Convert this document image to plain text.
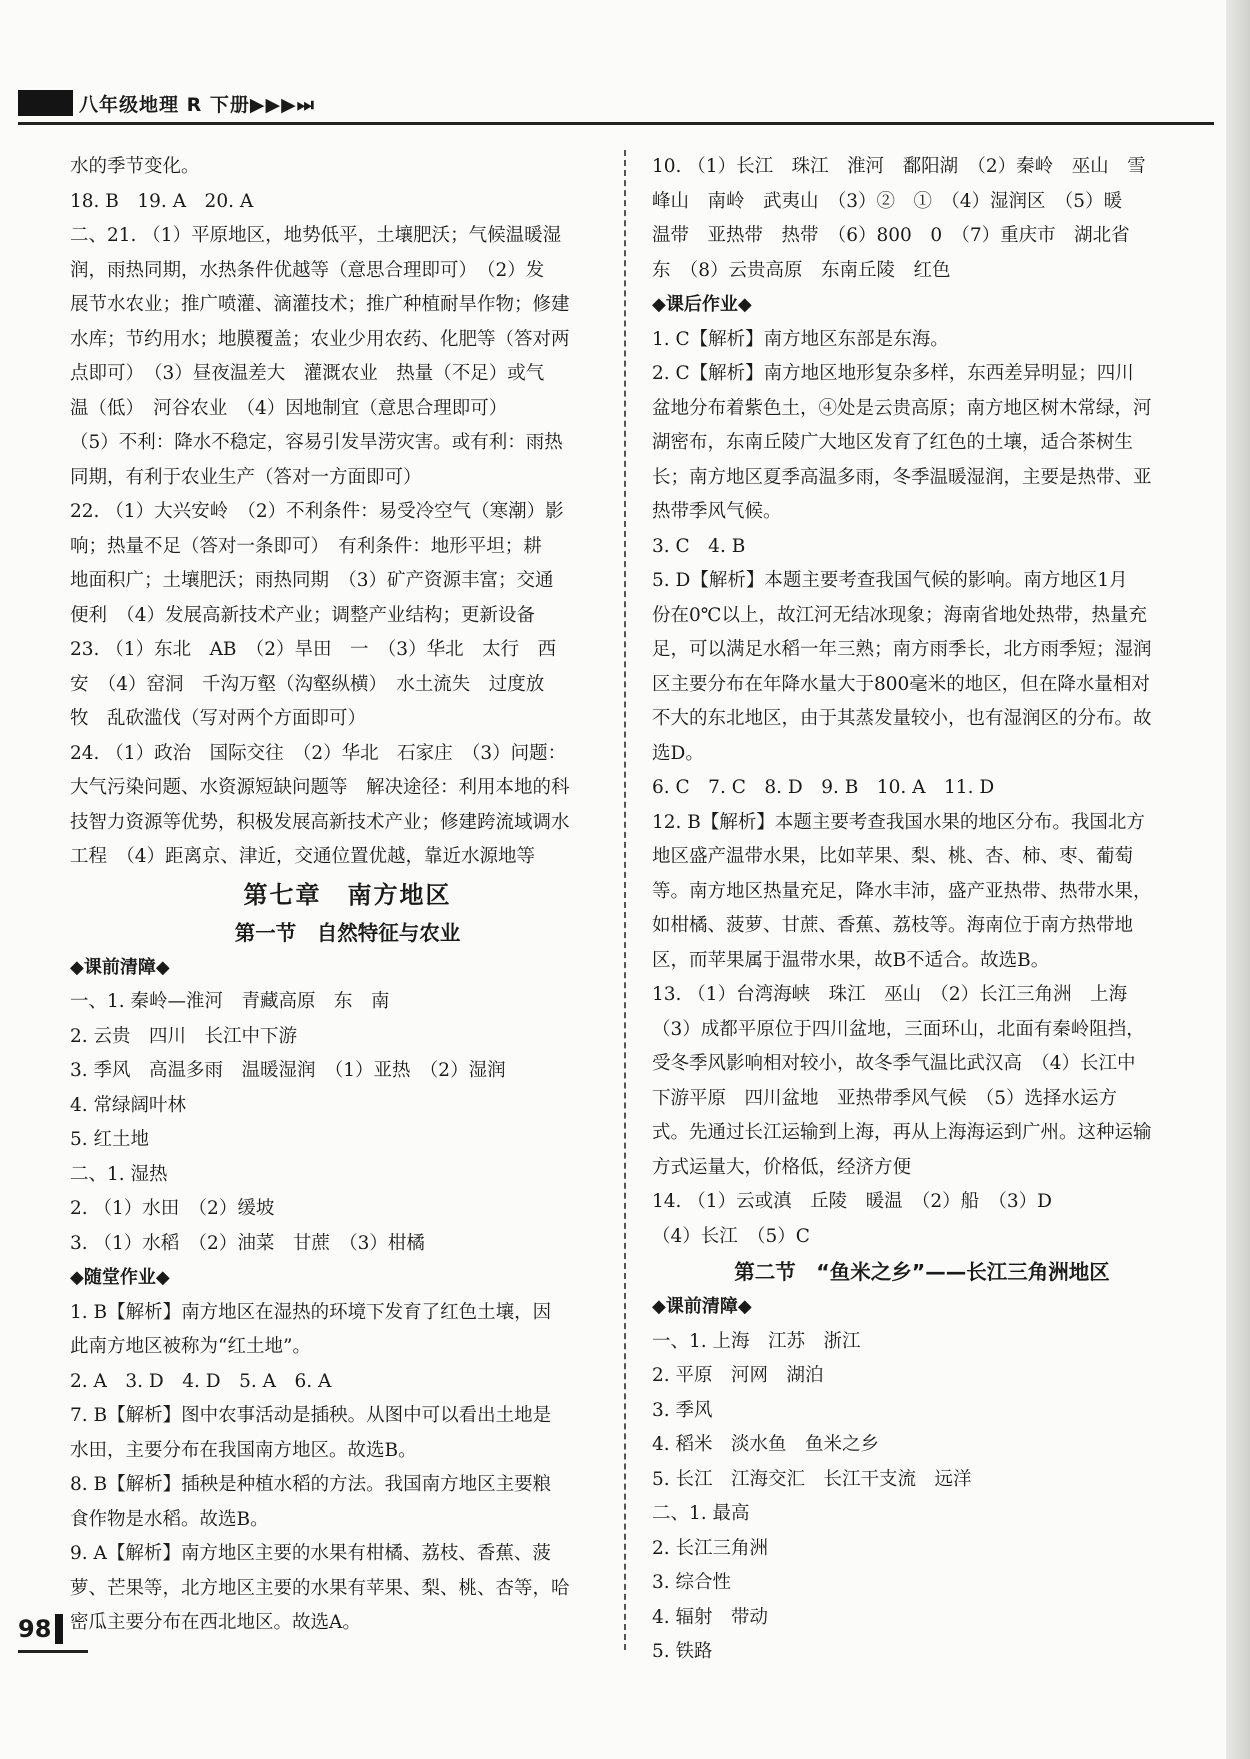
八年级地理 R 下册▶▶▶⏭
水的季节变化。
18. B　19. A　20. A
二、21. （1）平原地区，地势低平，土壤肥沃；气候温暖湿
润，雨热同期，水热条件优越等（意思合理即可）　（2）发
展节水农业；推广喷灌、滴灌技术；推广种植耐旱作物；修建
水库；节约用水；地膜覆盖；农业少用农药、化肥等（答对两
点即可）　（3）昼夜温差大　灌溉农业　热量（不足）或气
温（低）　河谷农业　（4）因地制宜（意思合理即可）
（5）不利：降水不稳定，容易引发旱涝灾害。或有利：雨热
同期，有利于农业生产（答对一方面即可）
22. （1）大兴安岭　（2）不利条件：易受冷空气（寒潮）影
响；热量不足（答对一条即可）　有利条件：地形平坦；耕
地面积广；土壤肥沃；雨热同期　（3）矿产资源丰富；交通
便利　（4）发展高新技术产业；调整产业结构；更新设备
23. （1）东北　AB　（2）旱田　一　（3）华北　太行　西
安　（4）窑洞　千沟万壑（沟壑纵横）　水土流失　过度放
牧　乱砍滥伐（写对两个方面即可）
24. （1）政治　国际交往　（2）华北　石家庄　（3）问题：
大气污染问题、水资源短缺问题等　解决途径：利用本地的科
技智力资源等优势，积极发展高新技术产业；修建跨流域调水
工程　（4）距离京、津近，交通位置优越，靠近水源地等
第七章　南方地区
第一节　自然特征与农业
◆课前清障◆
一、1. 秦岭—淮河　青藏高原　东　南
2. 云贵　四川　长江中下游
3. 季风　高温多雨　温暖湿润　（1）亚热　（2）湿润
4. 常绿阔叶林
5. 红土地
二、1. 湿热
2. （1）水田　（2）缓坡
3. （1）水稻　（2）油菜　甘蔗　（3）柑橘
◆随堂作业◆
1. B【解析】南方地区在湿热的环境下发育了红色土壤，因
此南方地区被称为“红土地”。
2. A　3. D　4. D　5. A　6. A
7. B【解析】图中农事活动是插秧。从图中可以看出土地是
水田，主要分布在我国南方地区。故选B。
8. B【解析】插秧是种植水稻的方法。我国南方地区主要粮
食作物是水稻。故选B。
9. A【解析】南方地区主要的水果有柑橘、荔枝、香蕉、菠
萝、芒果等，北方地区主要的水果有苹果、梨、桃、杏等，哈
密瓜主要分布在西北地区。故选A。
10. （1）长江　珠江　淮河　鄱阳湖　（2）秦岭　巫山　雪
峰山　南岭　武夷山　（3）②　①　（4）湿润区　（5）暖
温带　亚热带　热带　（6）800　0　（7）重庆市　湖北省
东　（8）云贵高原　东南丘陵　红色
◆课后作业◆
1. C【解析】南方地区东部是东海。
2. C【解析】南方地区地形复杂多样，东西差异明显；四川
盆地分布着紫色土，④处是云贵高原；南方地区树木常绿，河
湖密布，东南丘陵广大地区发育了红色的土壤，适合茶树生
长；南方地区夏季高温多雨，冬季温暖湿润，主要是热带、亚
热带季风气候。
3. C　4. B
5. D【解析】本题主要考查我国气候的影响。南方地区1月
份在0℃以上，故江河无结冰现象；海南省地处热带，热量充
足，可以满足水稻一年三熟；南方雨季长，北方雨季短；湿润
区主要分布在年降水量大于800毫米的地区，但在降水量相对
不大的东北地区，由于其蒸发量较小，也有湿润区的分布。故
选D。
6. C　7. C　8. D　9. B　10. A　11. D
12. B【解析】本题主要考查我国水果的地区分布。我国北方
地区盛产温带水果，比如苹果、梨、桃、杏、柿、枣、葡萄
等。南方地区热量充足，降水丰沛，盛产亚热带、热带水果，
如柑橘、菠萝、甘蔗、香蕉、荔枝等。海南位于南方热带地
区，而苹果属于温带水果，故B不适合。故选B。
13. （1）台湾海峡　珠江　巫山　（2）长江三角洲　上海
（3）成都平原位于四川盆地，三面环山，北面有秦岭阻挡，
受冬季风影响相对较小，故冬季气温比武汉高　（4）长江中
下游平原　四川盆地　亚热带季风气候　（5）选择水运方
式。先通过长江运输到上海，再从上海海运到广州。这种运输
方式运量大，价格低，经济方便
14. （1）云或滇　丘陵　暖温　（2）船　（3）D
（4）长江　（5）C
第二节　“鱼米之乡”——长江三角洲地区
◆课前清障◆
一、1. 上海　江苏　浙江
2. 平原　河网　湖泊
3. 季风
4. 稻米　淡水鱼　鱼米之乡
5. 长江　江海交汇　长江干支流　远洋
二、1. 最高
2. 长江三角洲
3. 综合性
4. 辐射　带动
5. 铁路
98
